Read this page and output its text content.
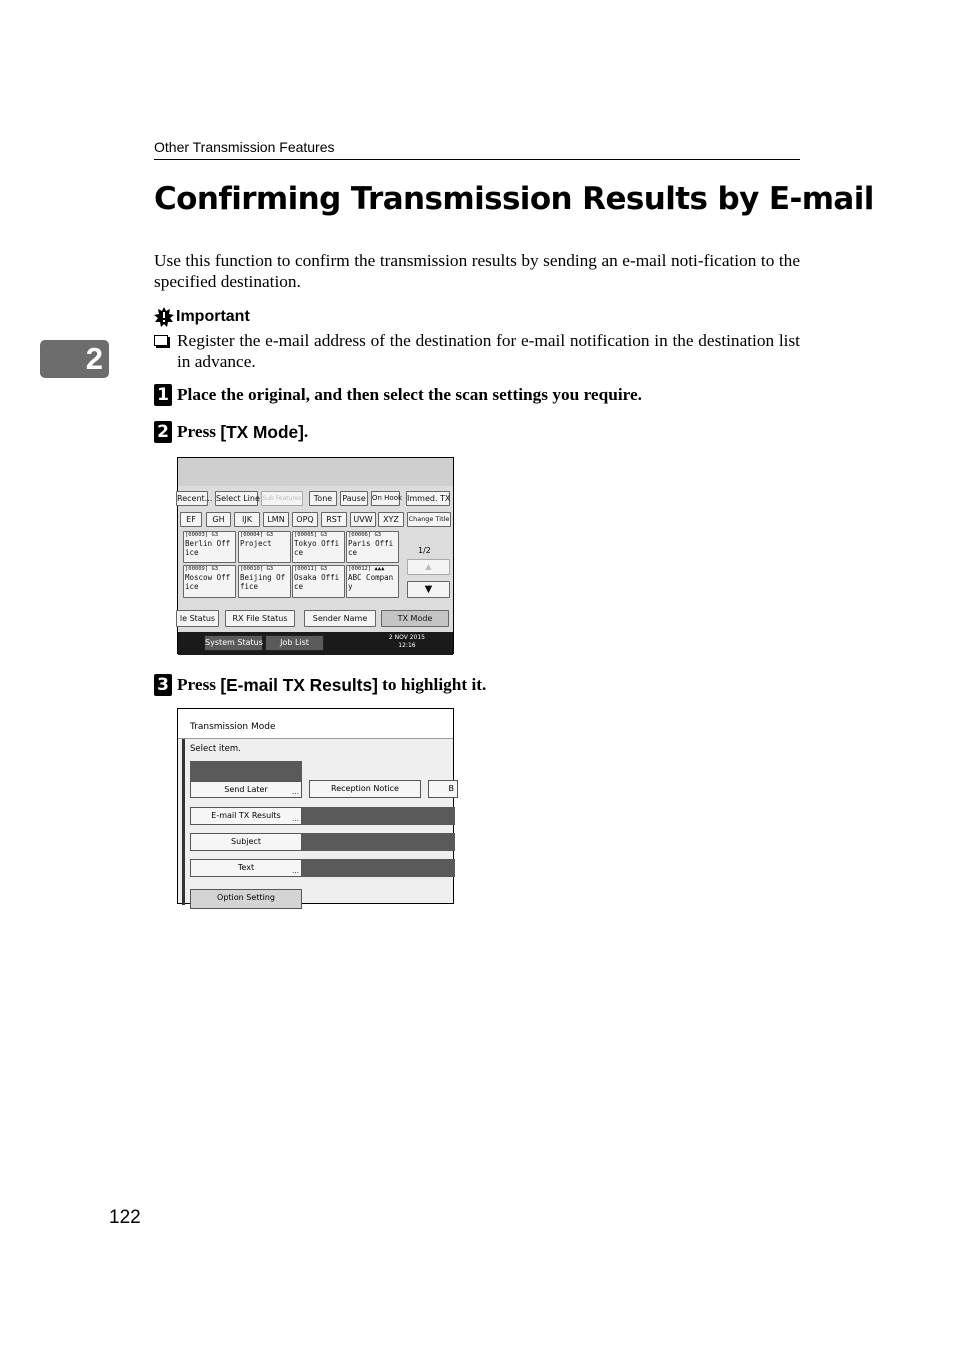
Other Transmission Features
2
Confirming Transmission Results by E-mail

Use this function to confirm the transmission results by sending an e-mail noti-fication to the specified destination.

Important
Register the e-mail address of the destination for e-mail notification in the destination list in advance.
1 Place the original, and then select the scan settings you require.
2 Press [TX Mode] .
Recent... Select Line Sub Features	Tone	Pause On Hook Immed. TX
EF	GH	IJK	LMN	OPQ	RST	UVW	XYZ	Change Title
[00003] G3
Berlin Off
ice
[00004] G3
Project
[00005] G3
Tokyo Offi
ce
[00006] G3
Paris Offi
ce
[00009] G3
Moscow Off
ice
[00010] G3
Beijing Of
fice
[00011] G3
Osaka Offi
ce
[00012] ▲▲▲
ABC Compan
y
1/2
▲
▼
le Status	RX File Status	Sender Name	TX Mode
System Status	Job List
2 NOV 2015
12:16
3 Press [E-mail TX Results] to highlight it.
Transmission Mode
Select item.
Send Later	…	Reception Notice	B
E-mail TX Results …
Subject
Text	…
Option Setting
122
